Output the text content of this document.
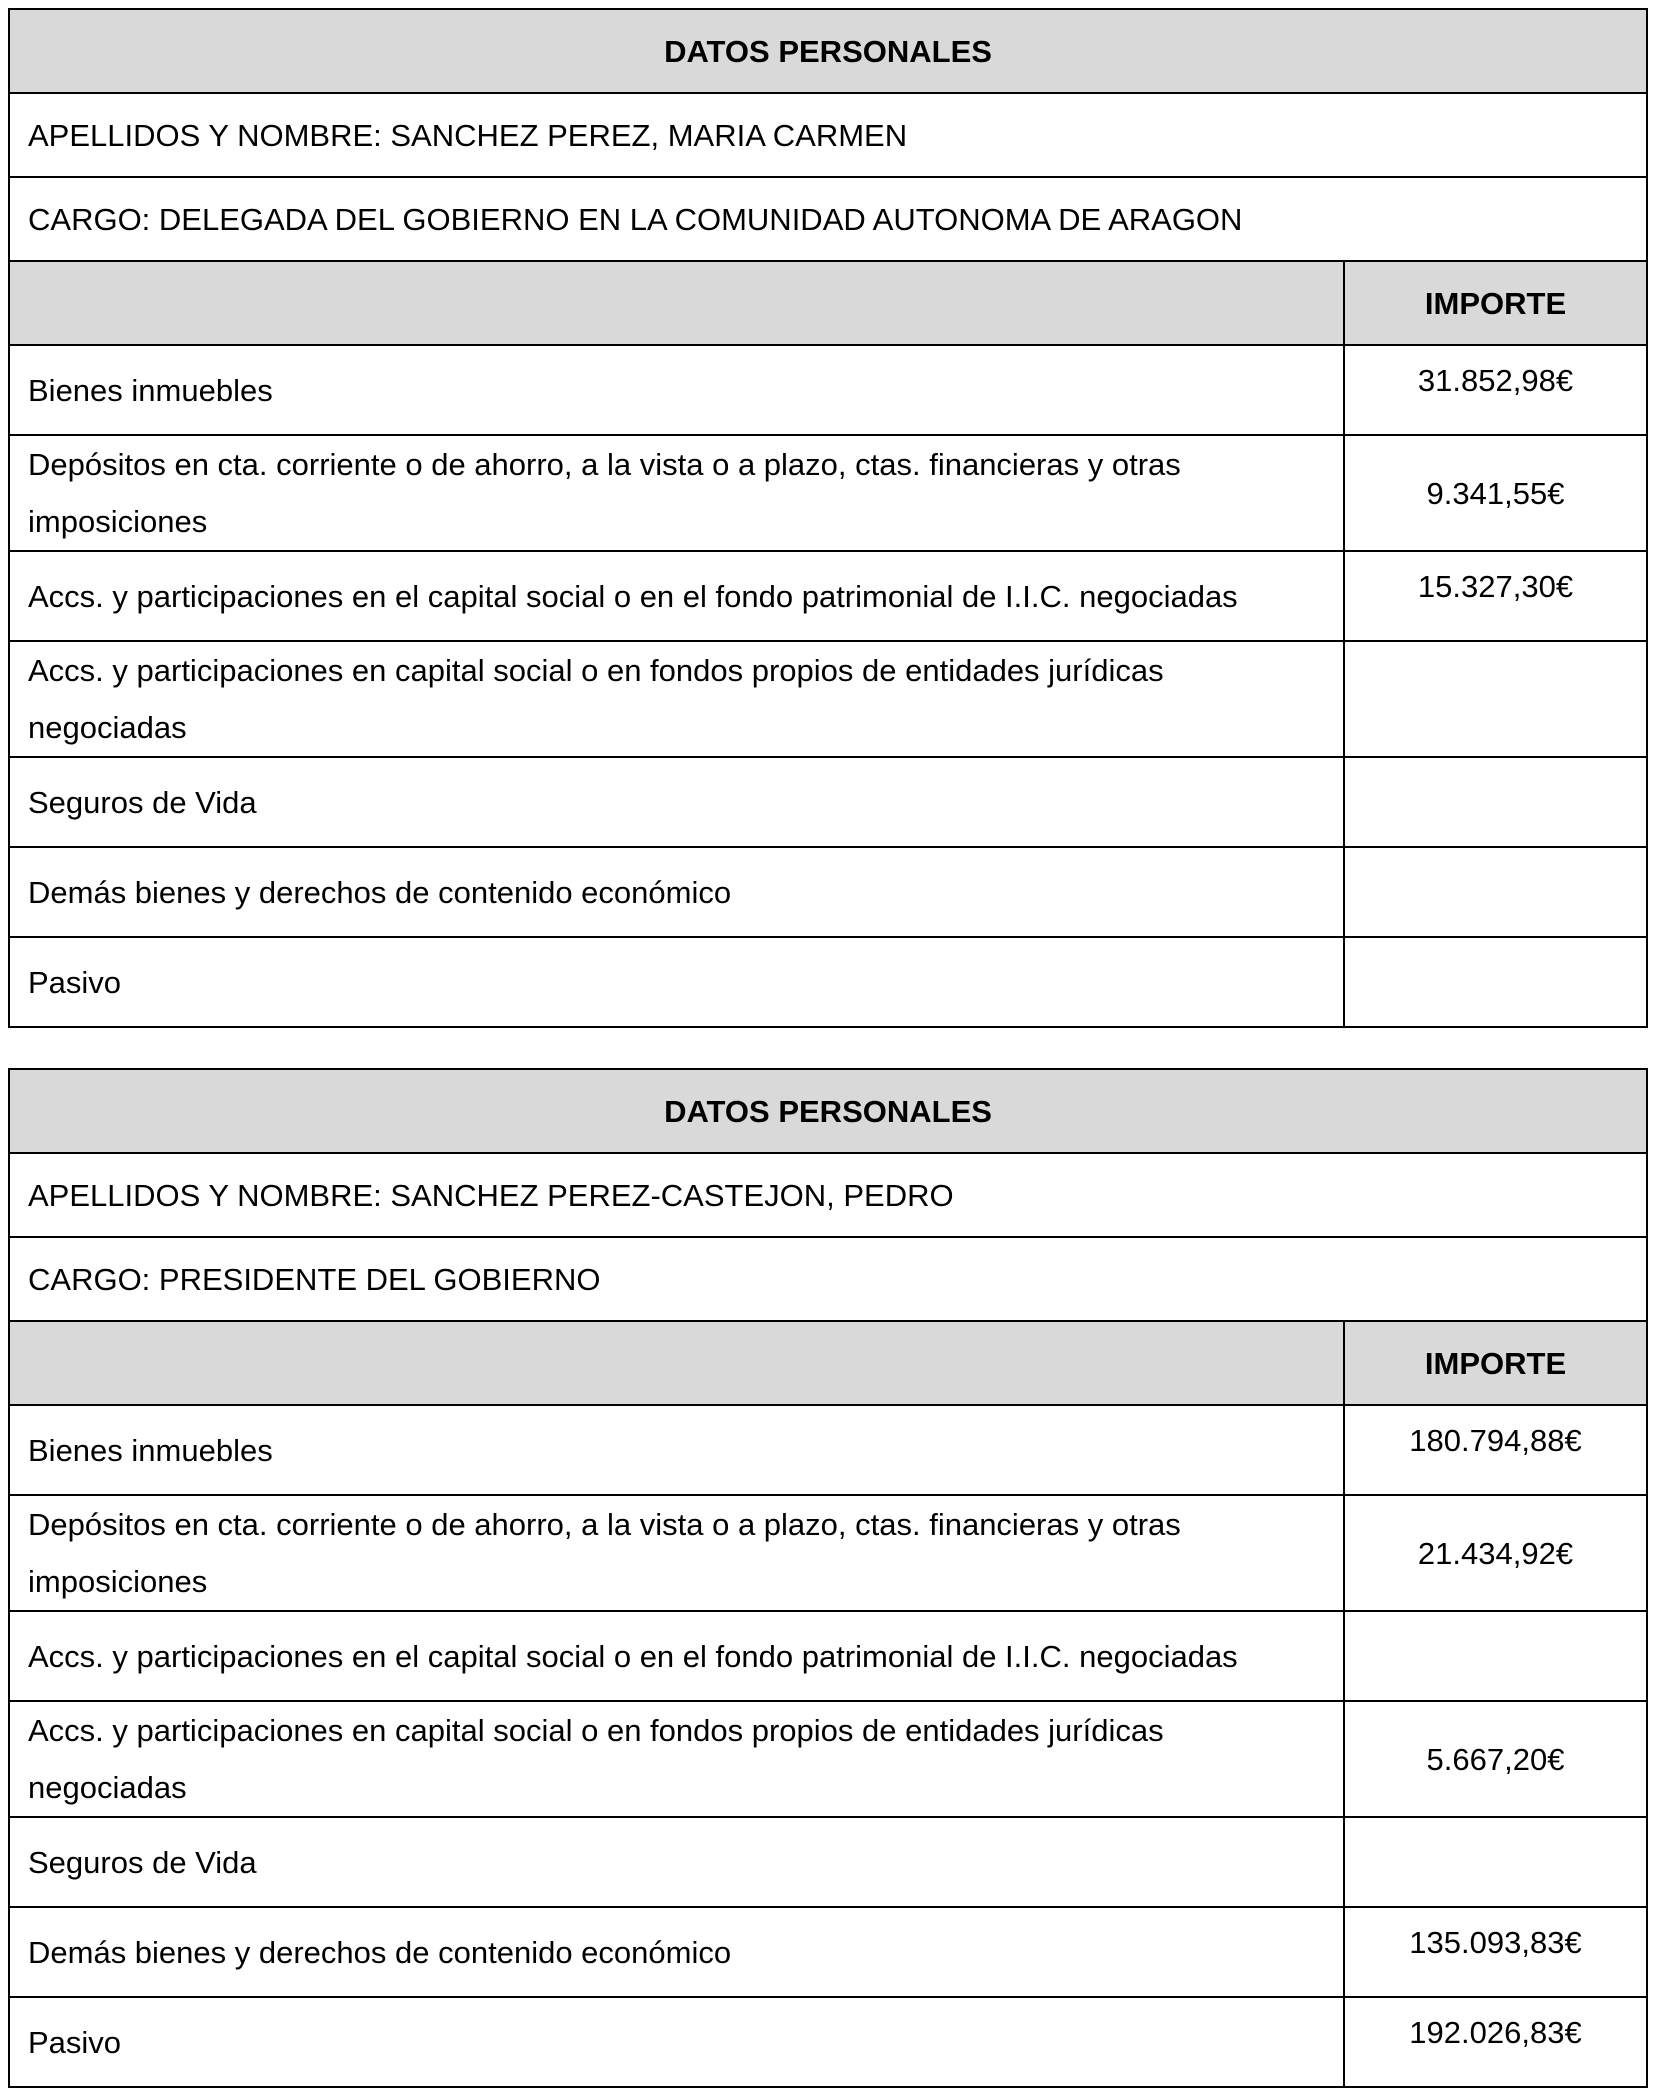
DATOS PERSONALES	
APELLIDOS Y NOMBRE: SANCHEZ PEREZ, MARIA CARMEN	
CARGO: DELEGADA DEL GOBIERNO EN LA COMUNIDAD AUTONOMA DE ARAGON	
	IMPORTE
Bienes inmuebles	31.852,98€
Depósitos en cta. corriente o de ahorro, a la vista o a plazo, ctas. financieras y otras imposiciones	9.341,55€
Accs. y participaciones en el capital social o en el fondo patrimonial de I.I.C. negociadas	15.327,30€
Accs. y participaciones en capital social o en fondos propios de entidades jurídicas negociadas	
Seguros de Vida	
Demás bienes y derechos de contenido económico	
Pasivo	
DATOS PERSONALES	
APELLIDOS Y NOMBRE: SANCHEZ PEREZ-CASTEJON, PEDRO	
CARGO: PRESIDENTE DEL GOBIERNO	
	IMPORTE
Bienes inmuebles	180.794,88€
Depósitos en cta. corriente o de ahorro, a la vista o a plazo, ctas. financieras y otras imposiciones	21.434,92€
Accs. y participaciones en el capital social o en el fondo patrimonial de I.I.C. negociadas	
Accs. y participaciones en capital social o en fondos propios de entidades jurídicas negociadas	5.667,20€
Seguros de Vida	
Demás bienes y derechos de contenido económico	135.093,83€
Pasivo	192.026,83€
